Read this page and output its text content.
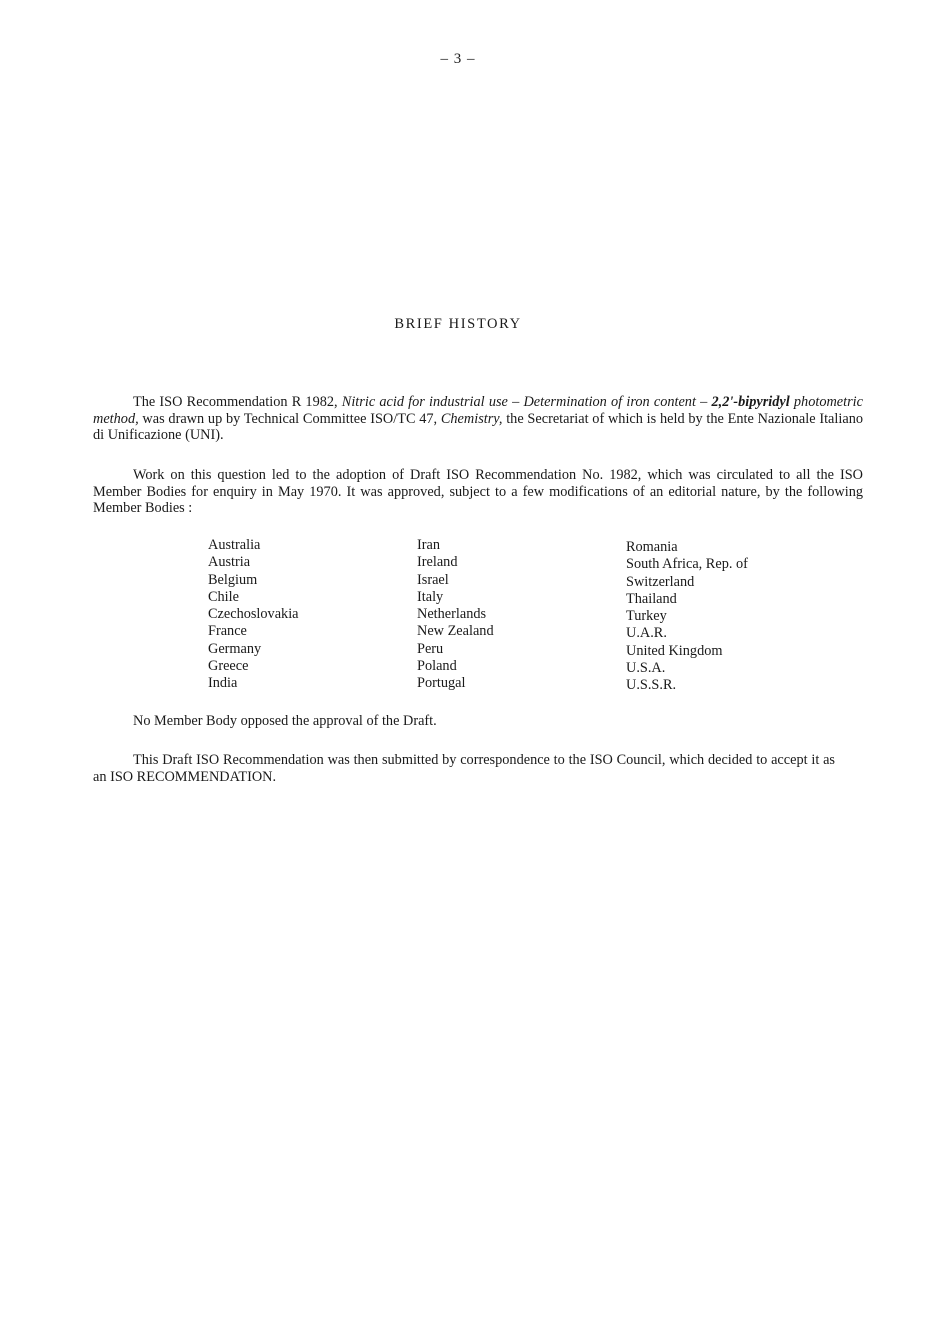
– 3 –
BRIEF HISTORY

The ISO Recommendation R 1982, Nitric acid for industrial use – Determination of iron content – 2,2'-bipyridyl photometric method, was drawn up by Technical Committee ISO/TC 47, Chemistry, the Secretariat of which is held by the Ente Nazionale Italiano di Unificazione (UNI).

Work on this question led to the adoption of Draft ISO Recommendation No. 1982, which was circulated to all the ISO Member Bodies for enquiry in May 1970. It was approved, subject to a few modifications of an editorial nature, by the following Member Bodies :

Australia
Austria
Belgium
Chile
Czechoslovakia
France
Germany
Greece
India
Iran
Ireland
Israel
Italy
Netherlands
New Zealand
Peru
Poland
Portugal
Romania
South Africa, Rep. of
Switzerland
Thailand
Turkey
U.A.R.
United Kingdom
U.S.A.
U.S.S.R.

No Member Body opposed the approval of the Draft.

This Draft ISO Recommendation was then submitted by correspondence to the ISO Council, which decided to accept it as an ISO RECOMMENDATION.
